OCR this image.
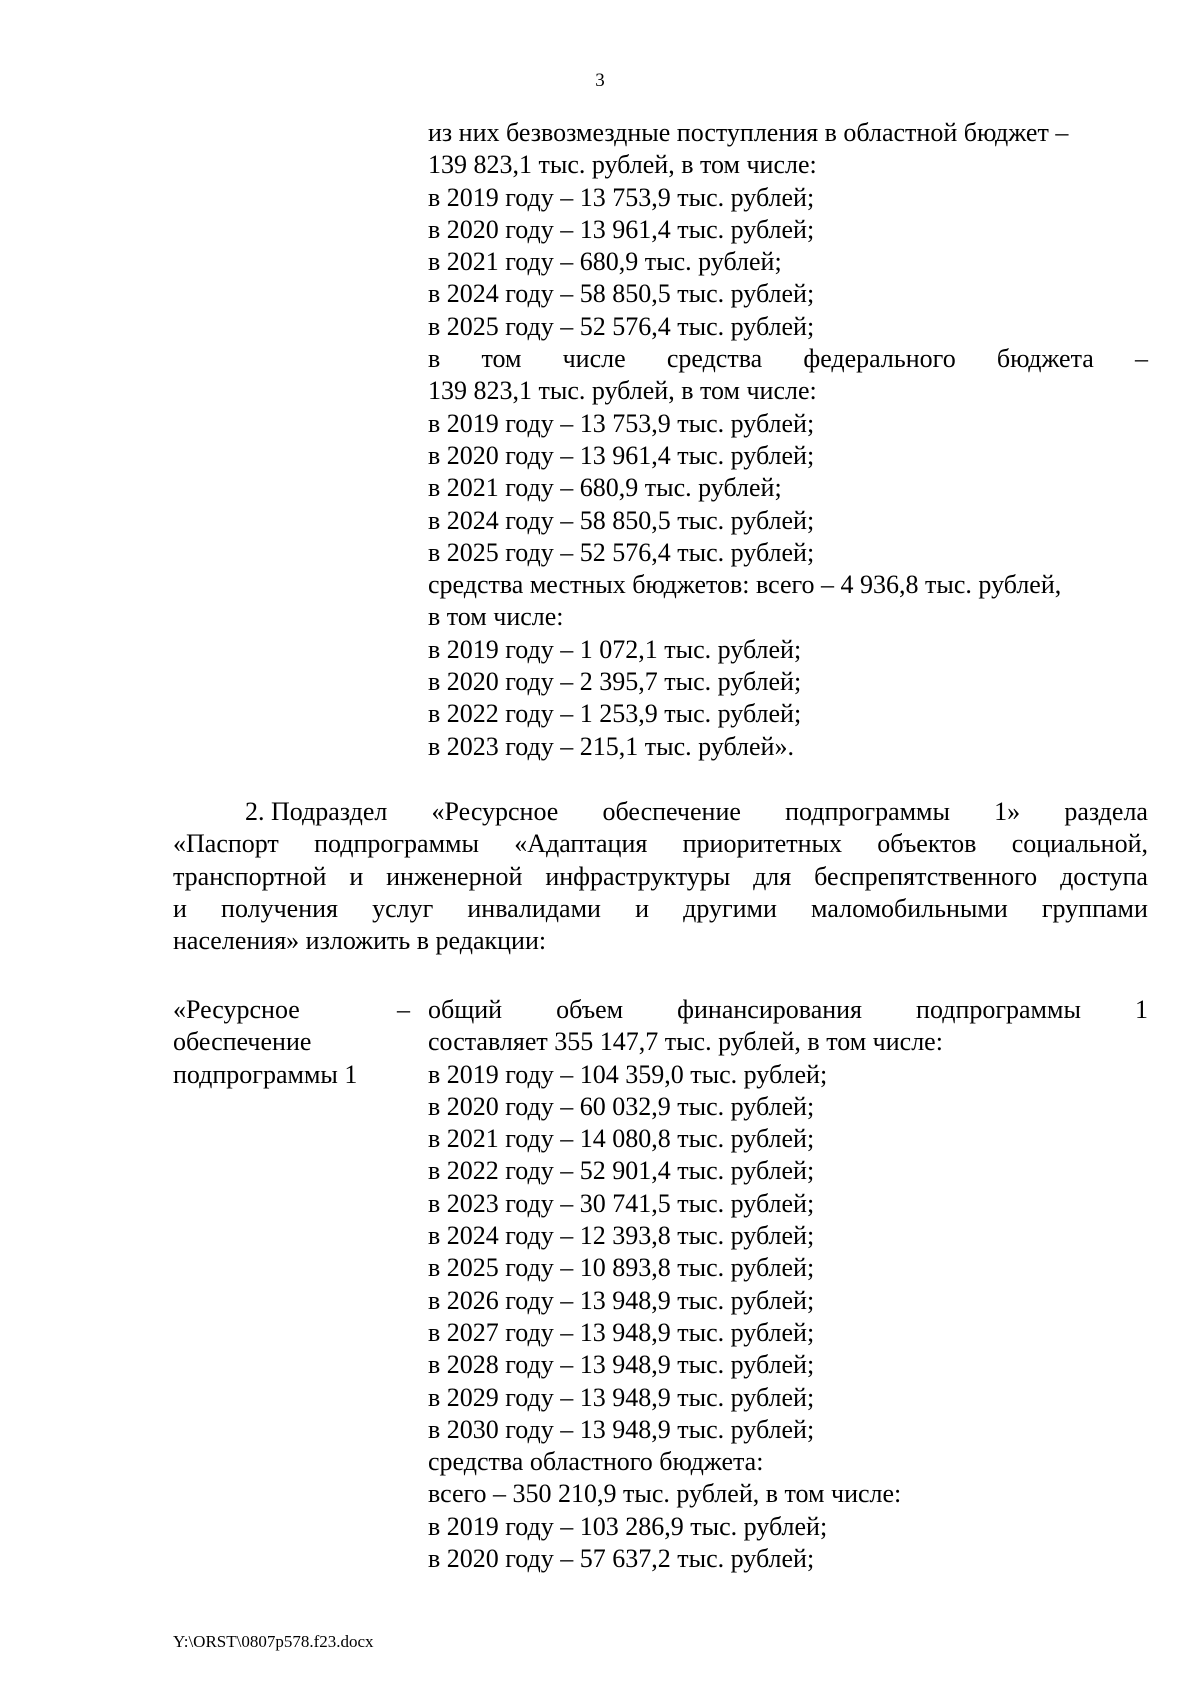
3
из них безвозмездные поступления в областной бюджет –
139 823,1 тыс. рублей, в том числе:
в 2019 году – 13 753,9 тыс. рублей;
в 2020 году – 13 961,4 тыс. рублей;
в 2021 году – 680,9 тыс. рублей;
в 2024 году – 58 850,5 тыс. рублей;
в 2025 году – 52 576,4 тыс. рублей;
в том числе средства федерального бюджета –
139 823,1 тыс. рублей, в том числе:
в 2019 году – 13 753,9 тыс. рублей;
в 2020 году – 13 961,4 тыс. рублей;
в 2021 году – 680,9 тыс. рублей;
в 2024 году – 58 850,5 тыс. рублей;
в 2025 году – 52 576,4 тыс. рублей;
средства местных бюджетов: всего – 4 936,8 тыс. рублей,
в том числе:
в 2019 году – 1 072,1 тыс. рублей;
в 2020 году – 2 395,7 тыс. рублей;
в 2022 году – 1 253,9 тыс. рублей;
в 2023 году – 215,1 тыс. рублей».
2. Подраздел «Ресурсное обеспечение подпрограммы 1» раздела
«Паспорт подпрограммы «Адаптация приоритетных объектов социальной,
транспортной и инженерной инфраструктуры для беспрепятственного доступа
и получения услуг инвалидами и другими маломобильными группами
населения» изложить в редакции:
«Ресурсное
обеспечение
подпрограммы 1
– общий объем финансирования подпрограммы 1
составляет 355 147,7 тыс. рублей, в том числе:
в 2019 году – 104 359,0 тыс. рублей;
в 2020 году – 60 032,9 тыс. рублей;
в 2021 году – 14 080,8 тыс. рублей;
в 2022 году – 52 901,4 тыс. рублей;
в 2023 году – 30 741,5 тыс. рублей;
в 2024 году – 12 393,8 тыс. рублей;
в 2025 году – 10 893,8 тыс. рублей;
в 2026 году – 13 948,9 тыс. рублей;
в 2027 году – 13 948,9 тыс. рублей;
в 2028 году – 13 948,9 тыс. рублей;
в 2029 году – 13 948,9 тыс. рублей;
в 2030 году – 13 948,9 тыс. рублей;
средства областного бюджета:
всего – 350 210,9 тыс. рублей, в том числе:
в 2019 году – 103 286,9 тыс. рублей;
в 2020 году – 57 637,2 тыс. рублей;
Y:\ORST\0807p578.f23.docx
